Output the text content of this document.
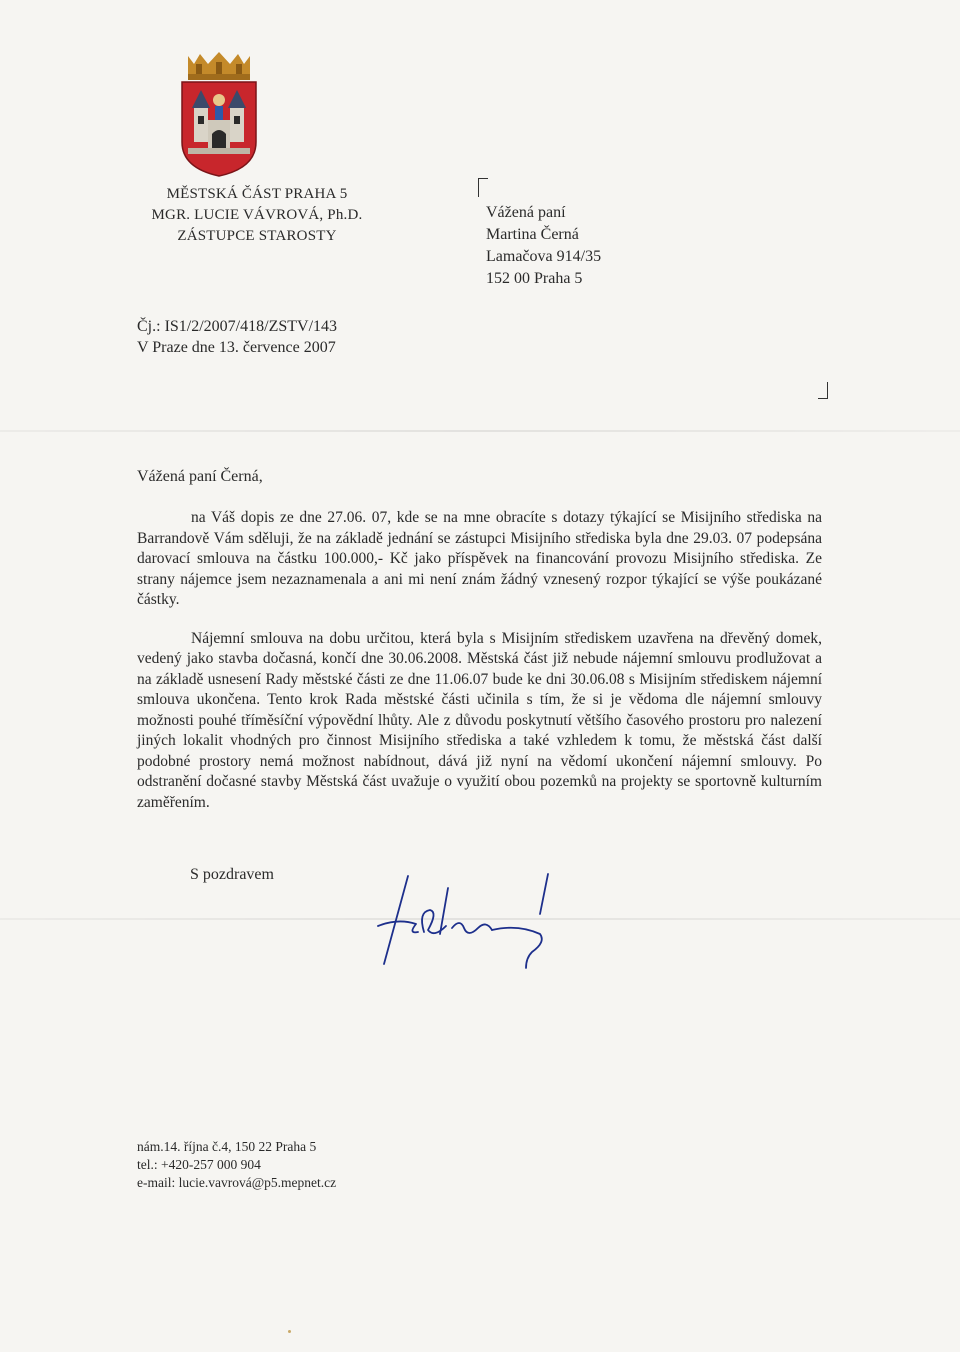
MĚSTSKÁ ČÁST PRAHA 5
MGR. LUCIE VÁVROVÁ, Ph.D.
ZÁSTUPCE STAROSTY
Vážená paní
Martina Černá
Lamačova 914/35
152 00 Praha 5
Čj.: IS1/2/2007/418/ZSTV/143
V Praze dne 13. července 2007
Vážená paní Černá,

na Váš dopis ze dne 27.06. 07, kde se na mne obracíte s dotazy týkající se Misijního střediska na Barrandově Vám sděluji, že na základě jednání se zástupci Misijního střediska byla dne 29.03. 07 podepsána darovací smlouva na částku 100.000,- Kč jako příspěvek na financování provozu Misijního střediska. Ze strany nájemce jsem nezaznamenala a ani mi není znám žádný vznesený rozpor týkající se výše poukázané částky.

Nájemní smlouva na dobu určitou, která byla s Misijním střediskem uzavřena na dřevěný domek, vedený jako stavba dočasná, končí dne 30.06.2008. Městská část již nebude nájemní smlouvu prodlužovat a na základě usnesení Rady městské části ze dne 11.06.07 bude ke dni 30.06.08 s Misijním střediskem nájemní smlouva ukončena. Tento krok Rada městské části učinila s tím, že si je vědoma dle nájemní smlouvy možnosti pouhé tříměsíční výpovědní lhůty. Ale z důvodu poskytnutí většího časového prostoru pro nalezení jiných lokalit vhodných pro činnost Misijního střediska a také vzhledem k tomu, že městská část další podobné prostory nemá možnost nabídnout, dává již nyní na vědomí ukončení nájemní smlouvy. Po odstranění dočasné stavby Městská část uvažuje o využití obou pozemků na projekty se sportovně kulturním zaměřením.

S pozdravem
nám.14. října č.4, 150 22 Praha 5
tel.: +420-257 000 904
e-mail: lucie.vavrová@p5.mepnet.cz
